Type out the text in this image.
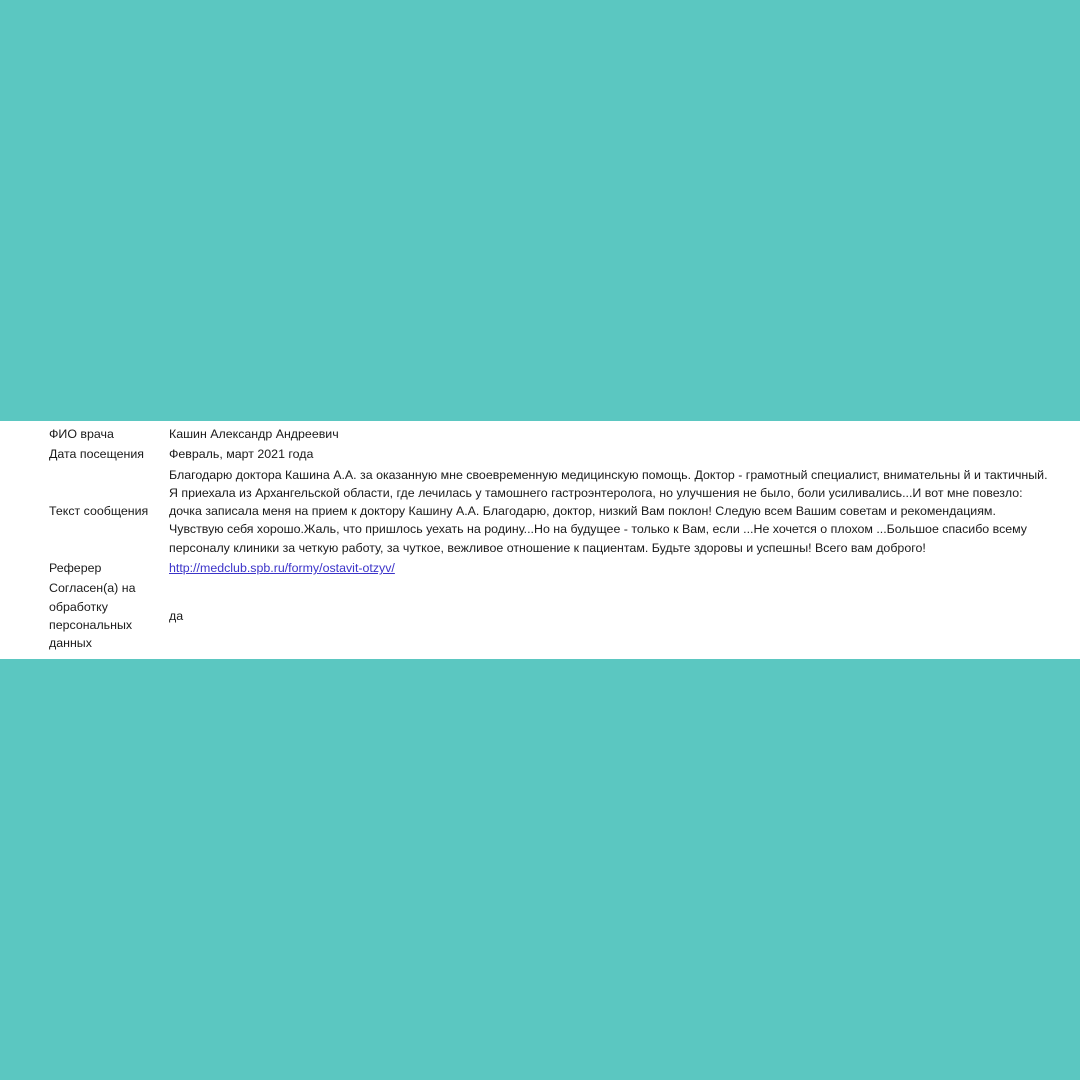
ФИО врача	Кашин Александр Андреевич
Дата посещения	Февраль, март 2021 года
Текст сообщения	Благодарю доктора Кашина А.А. за оказанную мне своевременную медицинскую помощь. Доктор - грамотный специалист, внимательны й и тактичный.
Я приехала из Архангельской области, где лечилась у тамошнего гастроэнтеролога, но улучшения не было, боли усиливались...И вот мне повезло:
дочка записала меня на прием к доктору Кашину А.А. Благодарю, доктор, низкий Вам поклон! Следую всем Вашим советам и рекомендациям.
Чувствую себя хорошо.Жаль, что пришлось уехать на родину...Но на будущее - только к Вам, если ...Не хочется о плохом ...Большое спасибо всему
персоналу клиники за четкую работу, за чуткое, вежливое отношение к пациентам. Будьте здоровы и успешны! Всего вам доброго!

Реферер	http://medclub.spb.ru/formy/ostavit-otzyv/

Согласен(а) на
обработку
персональных
данных	да
